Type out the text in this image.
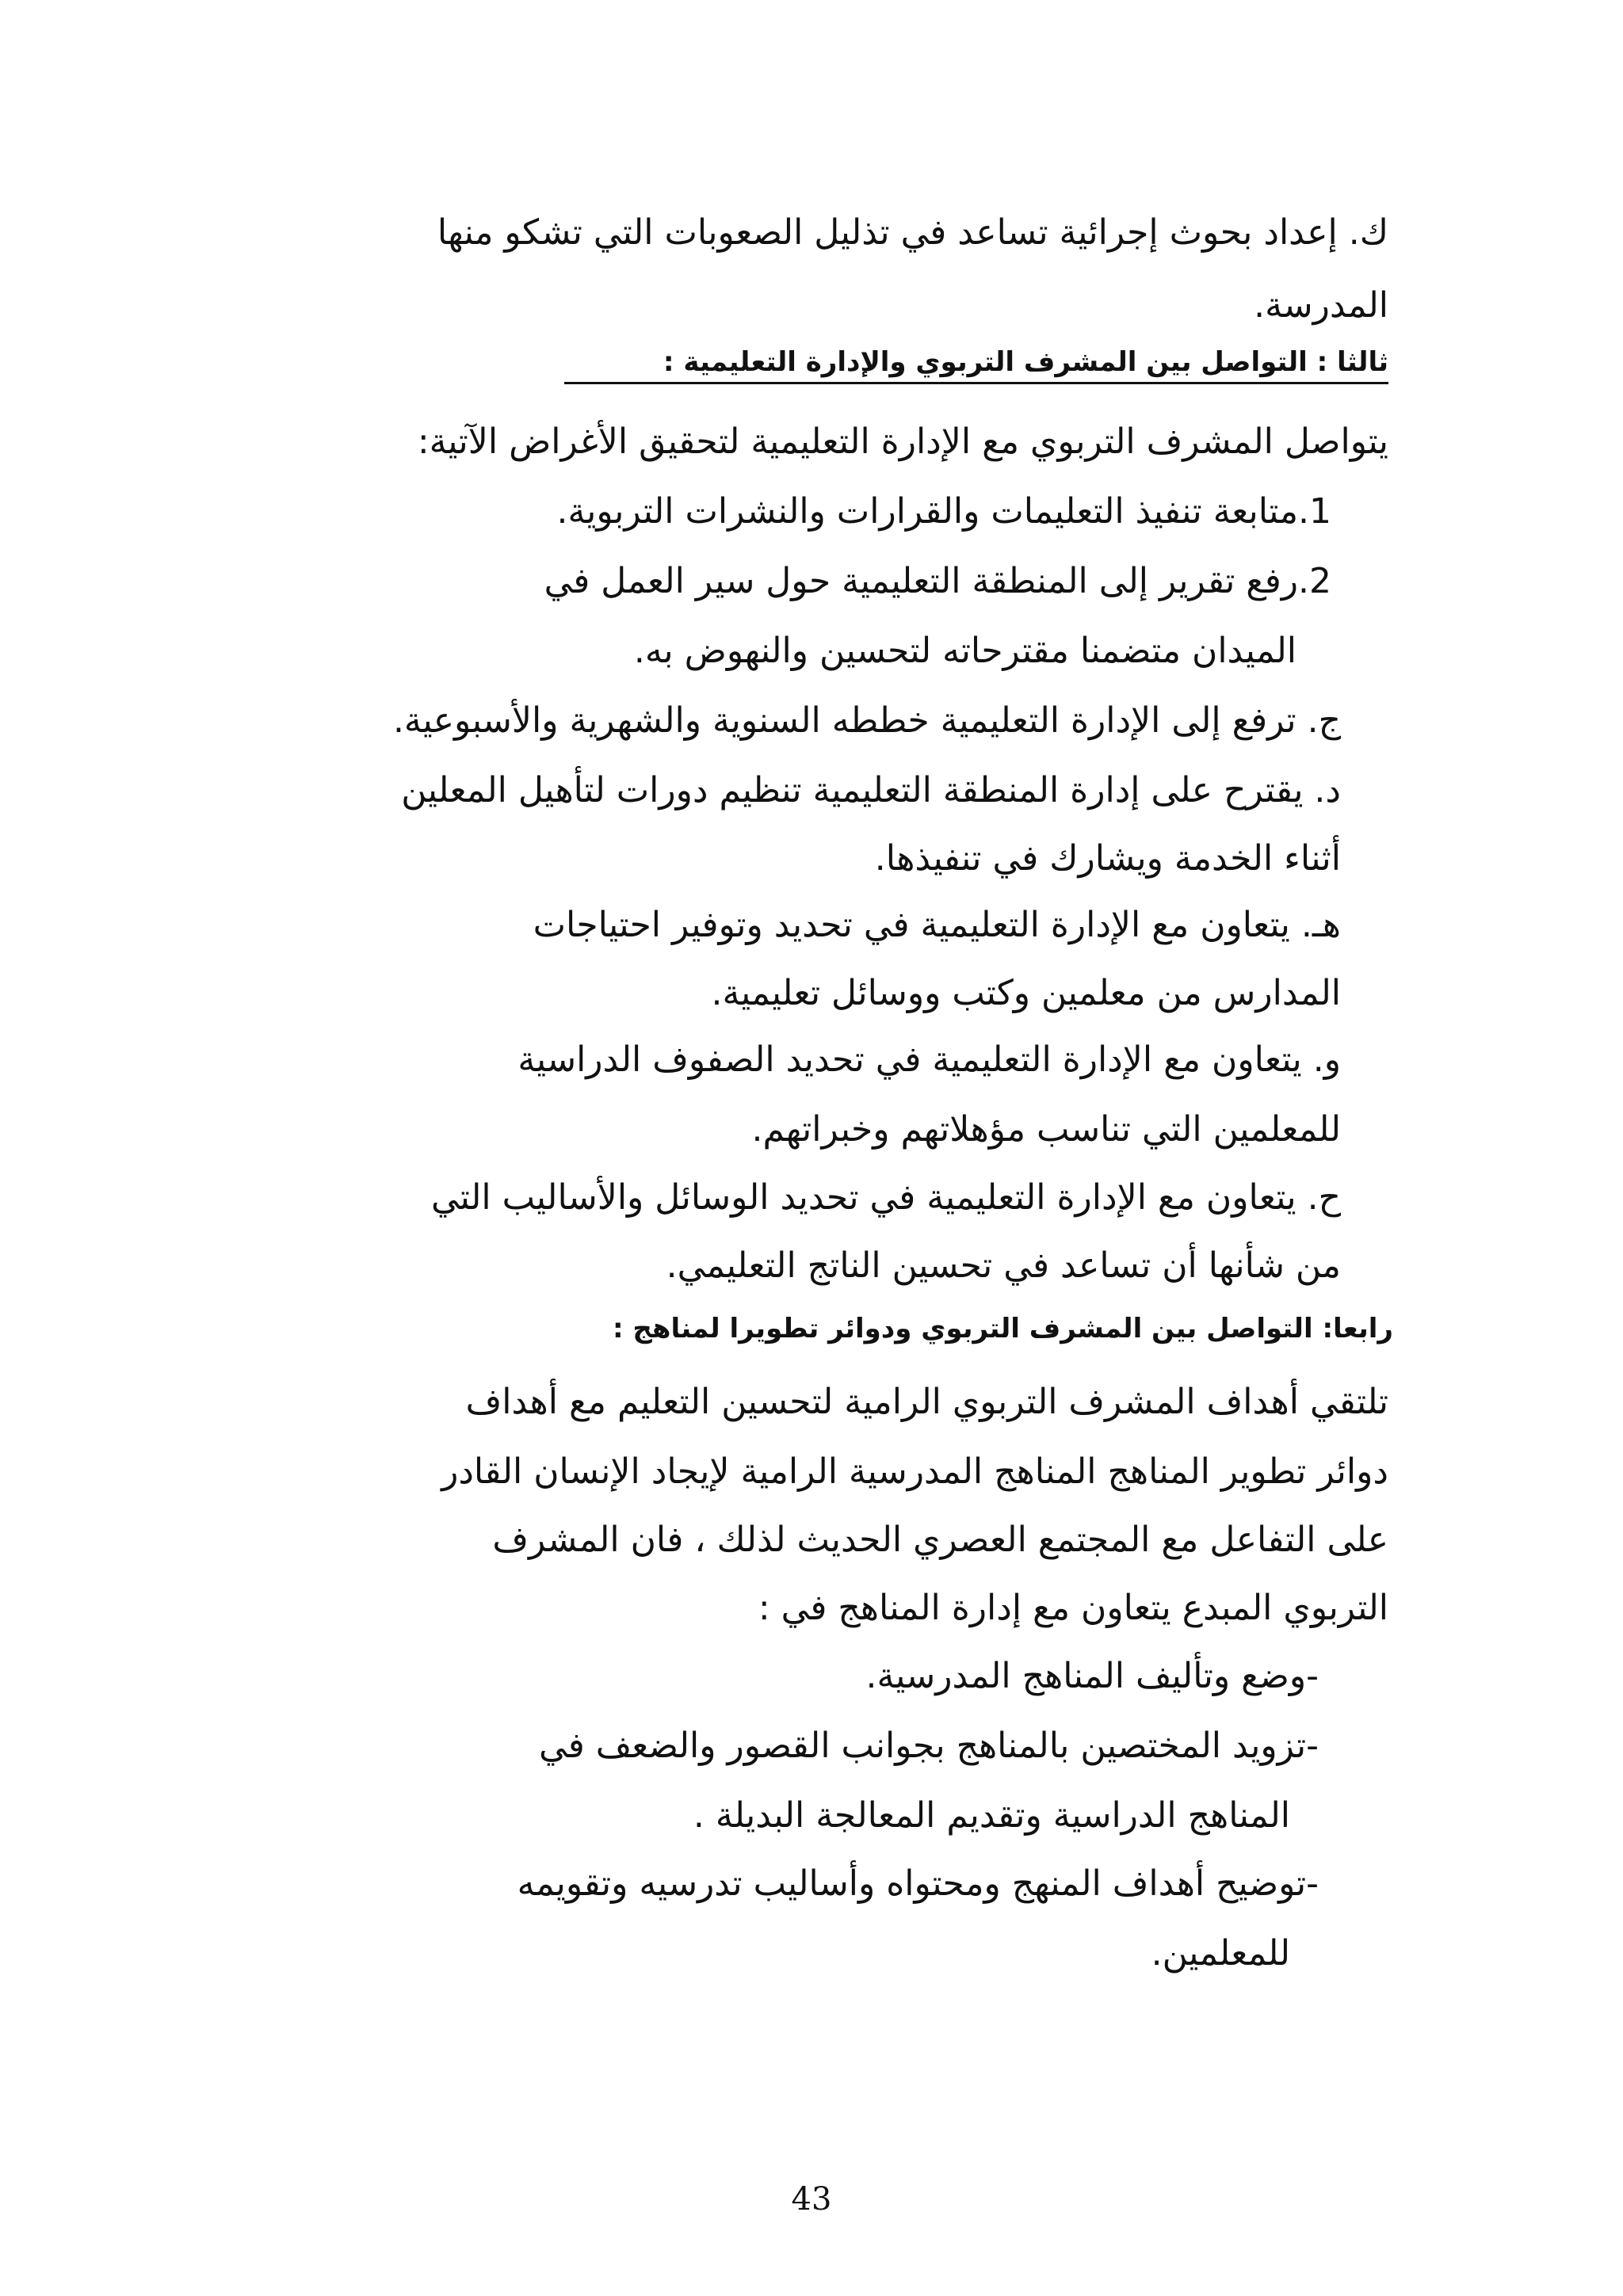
ك. إعداد بحوث إجرائية تساعد في تذليل الصعوبات التي تشكو منها
المدرسة.
ثالثا : التواصل بين المشرف التربوي والإدارة التعليمية :
يتواصل المشرف التربوي مع الإدارة التعليمية لتحقيق الأغراض الآتية:
1.متابعة تنفيذ التعليمات والقرارات والنشرات التربوية.
2.رفع تقرير إلى المنطقة التعليمية حول سير العمل في
الميدان متضمنا مقترحاته لتحسين والنهوض به.
ج. ترفع إلى الإدارة التعليمية خططه السنوية والشهرية والأسبوعية.
د. يقترح على إدارة المنطقة التعليمية تنظيم دورات لتأهيل المعلين
أثناء الخدمة ويشارك في تنفيذها.
هـ. يتعاون مع الإدارة التعليمية في تحديد وتوفير احتياجات
المدارس من معلمين وكتب ووسائل تعليمية.
و. يتعاون مع الإدارة التعليمية في تحديد الصفوف الدراسية
للمعلمين التي تناسب مؤهلاتهم وخبراتهم.
ح. يتعاون مع الإدارة التعليمية في تحديد الوسائل والأساليب التي
من شأنها أن تساعد في تحسين الناتج التعليمي.
رابعا: التواصل بين المشرف التربوي ودوائر تطويرا لمناهج :
تلتقي أهداف المشرف التربوي الرامية لتحسين التعليم مع أهداف
دوائر تطوير المناهج المناهج المدرسية الرامية لإيجاد الإنسان القادر
على التفاعل مع المجتمع العصري الحديث لذلك ، فان المشرف
التربوي المبدع يتعاون مع إدارة المناهج في :
-وضع وتأليف المناهج المدرسية.
-تزويد المختصين بالمناهج بجوانب القصور والضعف في
المناهج الدراسية وتقديم المعالجة البديلة .
-توضيح أهداف المنهج ومحتواه وأساليب تدرسيه وتقويمه
للمعلمين.
43
